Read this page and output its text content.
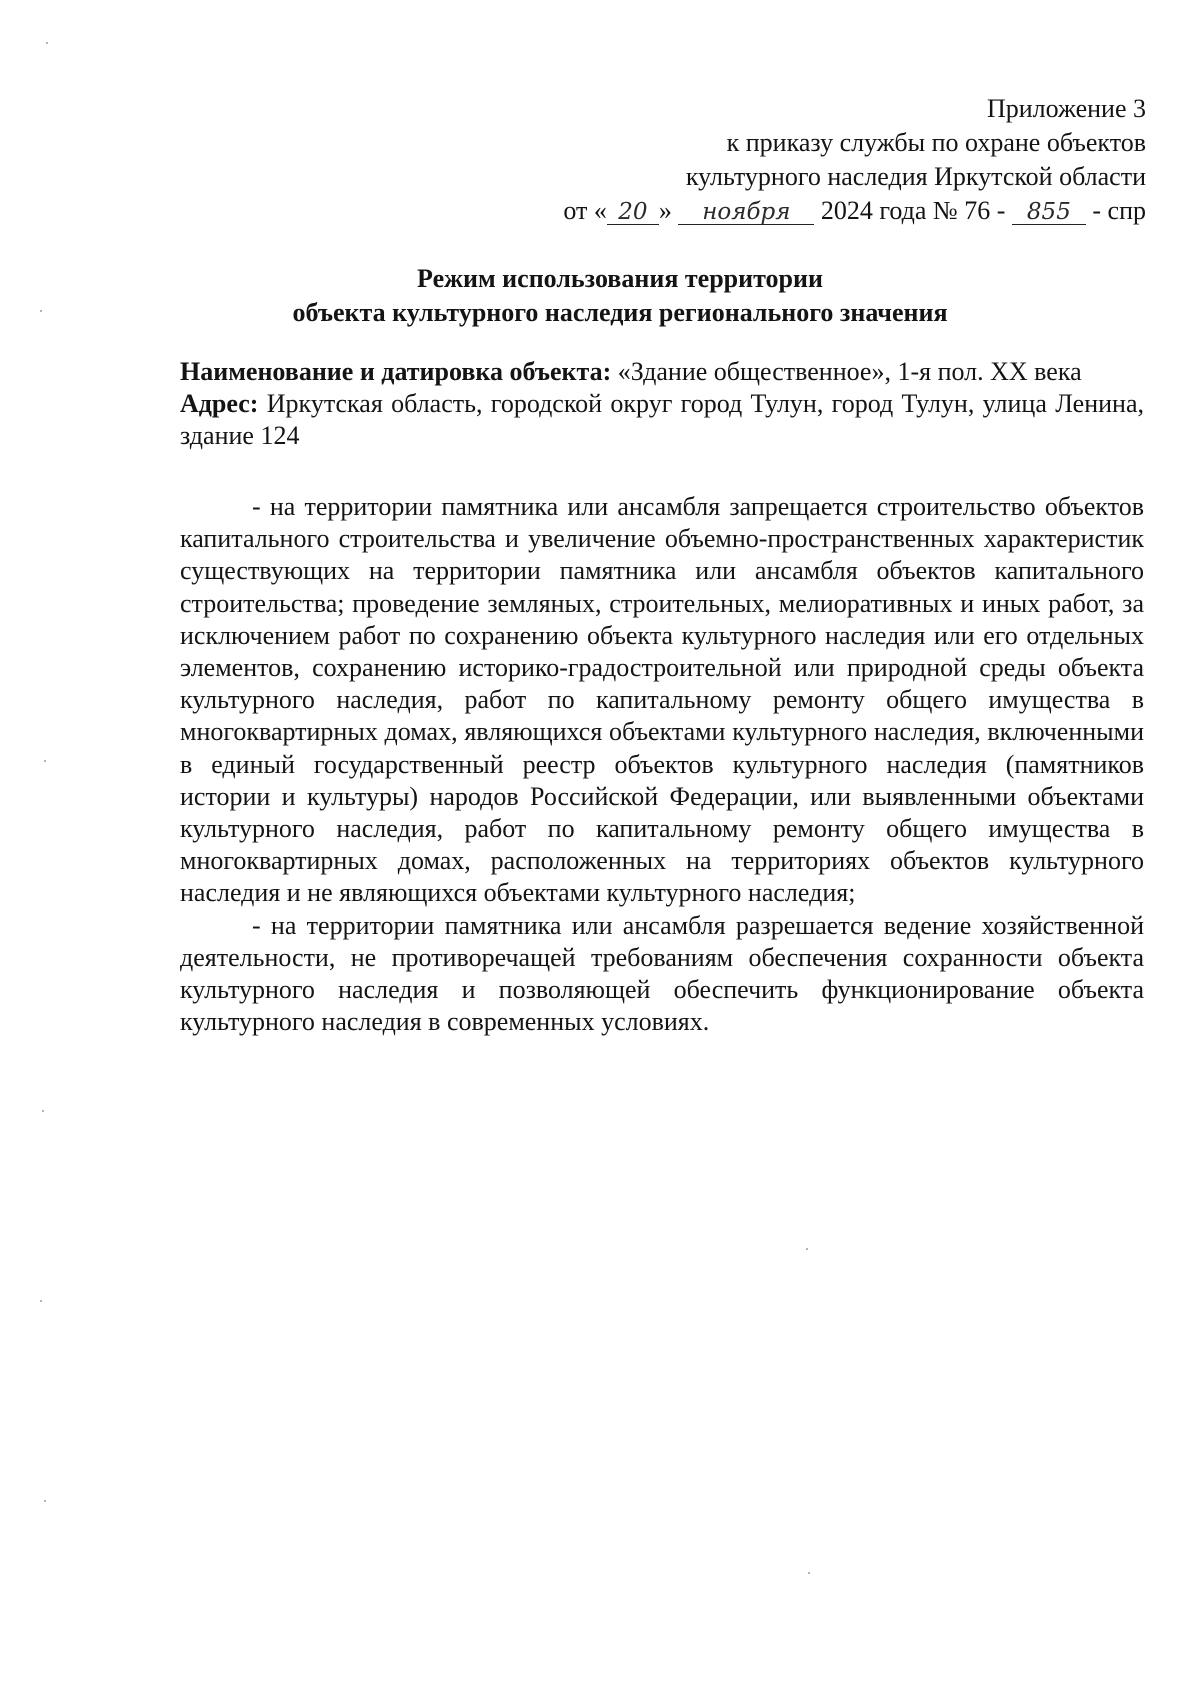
Приложение 3
к приказу службы по охране объектов
культурного наследия Иркутской области
от « 20 » ноября 2024 года № 76 - 855 - спр
Режим использования территории
объекта культурного наследия регионального значения

Наименование и датировка объекта: «Здание общественное», 1-я пол. XX века

Адрес: Иркутская область, городской округ город Тулун, город Тулун, улица Ленина, здание 124

- на территории памятника или ансамбля запрещается строительство объектов капитального строительства и увеличение объемно-пространственных характеристик существующих на территории памятника или ансамбля объектов капитального строительства; проведение земляных, строительных, мелиоративных и иных работ, за исключением работ по сохранению объекта культурного наследия или его отдельных элементов, сохранению историко-градостроительной или природной среды объекта культурного наследия, работ по капитальному ремонту общего имущества в многоквартирных домах, являющихся объектами культурного наследия, включенными в единый государственный реестр объектов культурного наследия (памятников истории и культуры) народов Российской Федерации, или выявленными объектами культурного наследия, работ по капитальному ремонту общего имущества в многоквартирных домах, расположенных на территориях объектов культурного наследия и не являющихся объектами культурного наследия;

- на территории памятника или ансамбля разрешается ведение хозяйственной деятельности, не противоречащей требованиям обеспечения сохранности объекта культурного наследия и позволяющей обеспечить функционирование объекта культурного наследия в современных условиях.
